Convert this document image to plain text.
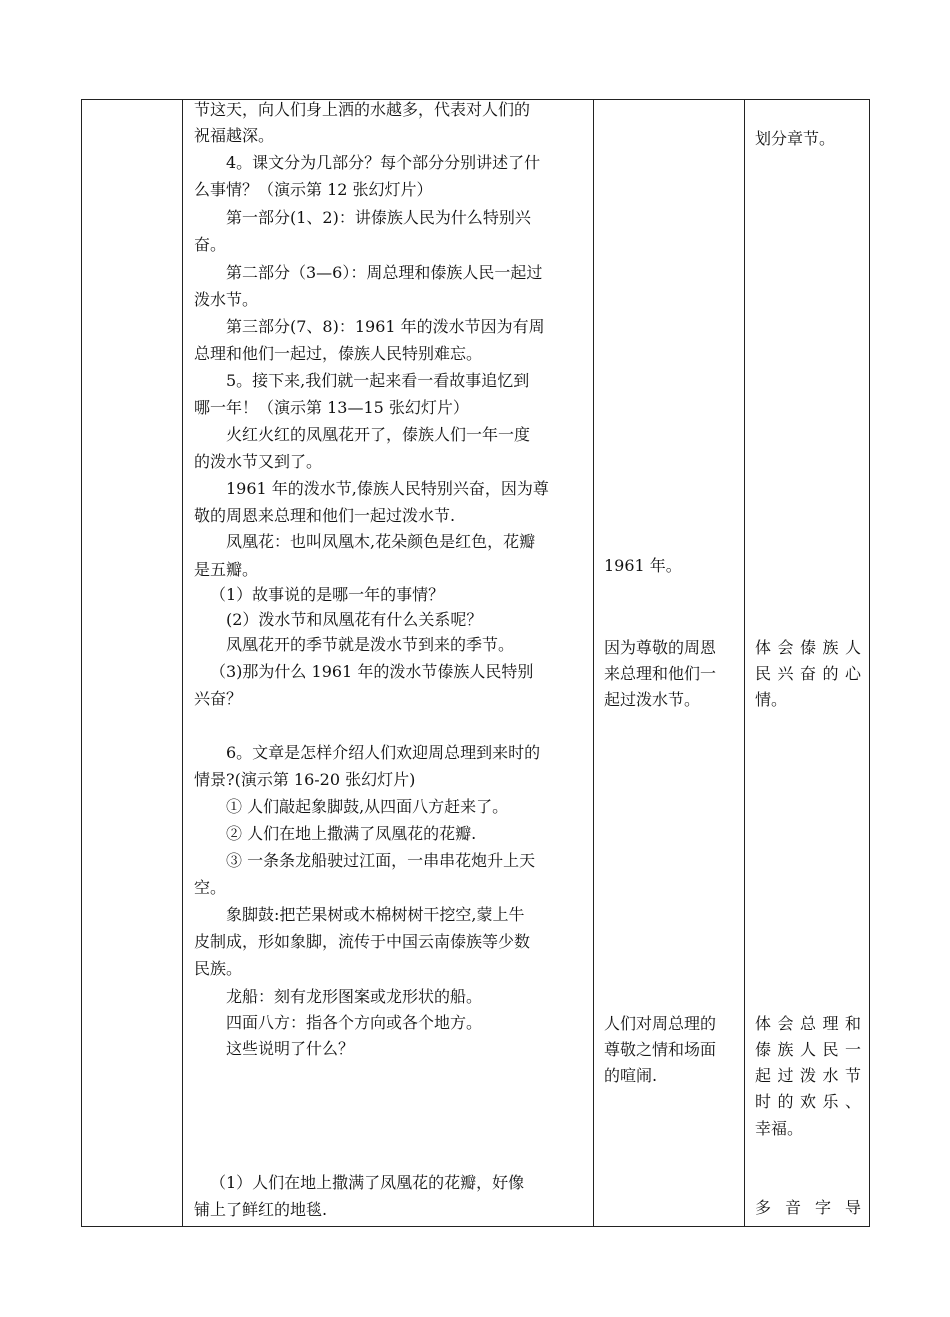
节这天，向人们身上洒的水越多，代表对人们的
祝福越深。
4。课文分为几部分？每个部分分别讲述了什
么事情？（演示第 12 张幻灯片）
第一部分(1、2)：讲傣族人民为什么特别兴
奋。
第二部分（3—6）：周总理和傣族人民一起过
泼水节。
第三部分(7、8)：1961 年的泼水节因为有周
总理和他们一起过，傣族人民特别难忘。
5。接下来,我们就一起来看一看故事追忆到
哪一年！（演示第 13—15 张幻灯片）
火红火红的凤凰花开了，傣族人们一年一度
的泼水节又到了。
1961 年的泼水节,傣族人民特别兴奋，因为尊
敬的周恩来总理和他们一起过泼水节.
凤凰花：也叫凤凰木,花朵颜色是红色，花瓣
是五瓣。
（1）故事说的是哪一年的事情？
(2）泼水节和凤凰花有什么关系呢？
凤凰花开的季节就是泼水节到来的季节。
（3)那为什么 1961 年的泼水节傣族人民特别
兴奋？
6。文章是怎样介绍人们欢迎周总理到来时的
情景?(演示第 16-20 张幻灯片)
① 人们敲起象脚鼓,从四面八方赶来了。
② 人们在地上撒满了凤凰花的花瓣.
③ 一条条龙船驶过江面，一串串花炮升上天
空。
象脚鼓:把芒果树或木棉树树干挖空,蒙上牛
皮制成，形如象脚，流传于中国云南傣族等少数
民族。
龙船：刻有龙形图案或龙形状的船。
四面八方：指各个方向或各个地方。
这些说明了什么？
（1）人们在地上撒满了凤凰花的花瓣，好像
铺上了鲜红的地毯.
1961 年。
因为尊敬的周恩
来总理和他们一
起过泼水节。
人们对周总理的
尊敬之情和场面
的喧闹.
划分章节。
体 会 傣 族 人
民 兴 奋 的 心
情。
体 会 总 理 和
傣 族 人 民 一
起 过 泼 水 节
时 的 欢 乐 、
幸福。
多 音 字 导
